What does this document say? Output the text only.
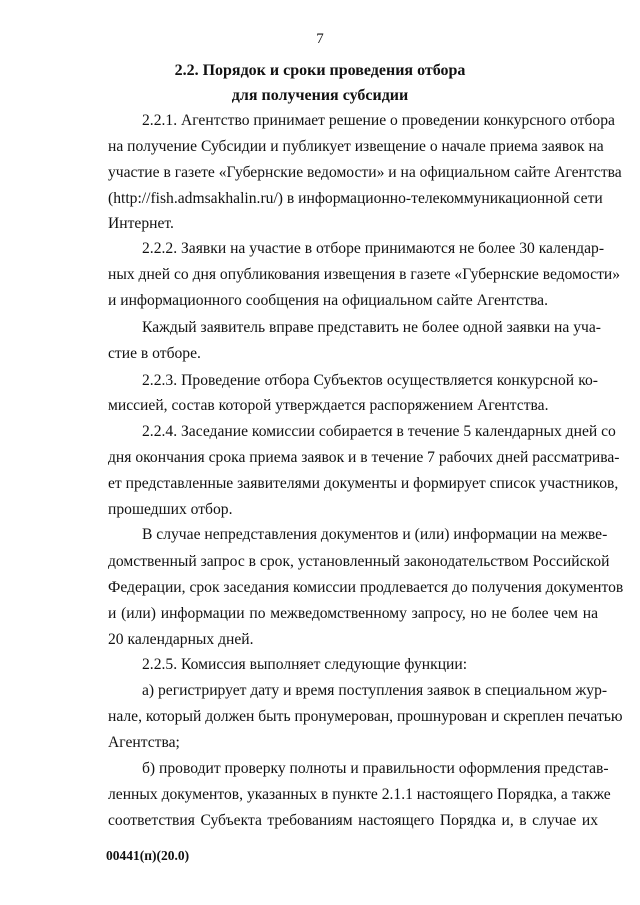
7
2.2. Порядок и сроки проведения отбора
для получения субсидии
2.2.1. Агентство принимает решение о проведении конкурсного отбора
на получение Субсидии и публикует извещение о начале приема заявок на
участие в газете «Губернские ведомости» и на официальном сайте Агентства
(http://fish.admsakhalin.ru/) в информационно-телекоммуникационной сети
Интернет.
2.2.2. Заявки на участие в отборе принимаются не более 30 календар-
ных дней со дня опубликования извещения в газете «Губернские ведомости»
и информационного сообщения на официальном сайте Агентства.
Каждый заявитель вправе представить не более одной заявки на уча-
стие в отборе.
2.2.3. Проведение отбора Субъектов осуществляется конкурсной ко-
миссией, состав которой утверждается распоряжением Агентства.
2.2.4. Заседание комиссии собирается в течение 5 календарных дней со
дня окончания срока приема заявок и в течение 7 рабочих дней рассматрива-
ет представленные заявителями документы и формирует список участников,
прошедших отбор.
В случае непредставления документов и (или) информации на межве-
домственный запрос в срок, установленный законодательством Российской
Федерации, срок заседания комиссии продлевается до получения документов
и (или) информации по межведомственному запросу, но не более чем на
20 календарных дней.
2.2.5. Комиссия выполняет следующие функции:
а) регистрирует дату и время поступления заявок в специальном жур-
нале, который должен быть пронумерован, прошнурован и скреплен печатью
Агентства;
б) проводит проверку полноты и правильности оформления представ-
ленных документов, указанных в пункте 2.1.1 настоящего Порядка, а также
соответствия Субъекта требованиям настоящего Порядка и, в случае их
00441(п)(20.0)
